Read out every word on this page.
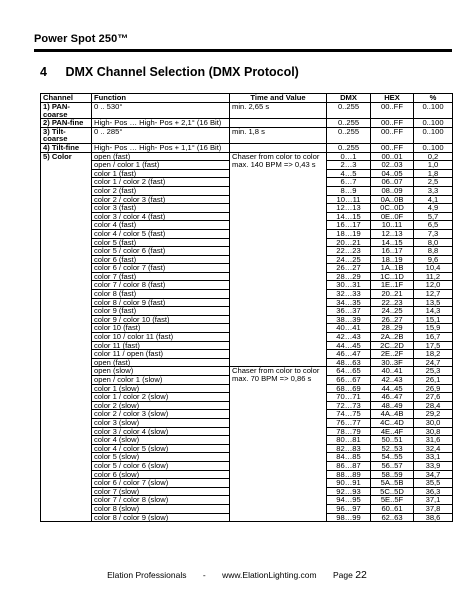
Power Spot 250™
4 DMX Channel Selection (DMX Protocol)
Channel	Function	Time and Value	DMX	HEX	%
1) PAN-coarse	0 .. 530°	min. 2,65 s	0..255	00..FF	0..100
2) PAN-fine	High- Pos … High- Pos + 2,1° (16 Bit)		0..255	00..FF	0..100
3) Tilt-coarse	0 .. 285°	min. 1,8 s	0..255	00..FF	0..100
4) Tilt-fine	High- Pos … High- Pos + 1,1° (16 Bit)		0..255	00..FF	0..100
5) Color	open (fast)	Chaser from color to color max. 140 BPM => 0,43 s	0…1	00..01	0,2
	open / color 1 (fast)		2…3	02..03	1,0
	color 1 (fast)		4…5	04..05	1,8
	color 1 / color 2 (fast)		6…7	06..07	2,5
	color 2 (fast)		8…9	08..09	3,3
	color 2 / color 3 (fast)		10…11	0A..0B	4,1
	color 3 (fast)		12…13	0C..0D	4,9
	color 3 / color 4 (fast)		14…15	0E..0F	5,7
	color 4 (fast)		16…17	10..11	6,5
	color 4 / color 5 (fast)		18…19	12..13	7,3
	color 5 (fast)		20…21	14..15	8,0
	color 5 / color 6 (fast)		22…23	16..17	8,8
	color 6 (fast)		24…25	18..19	9,6
	color 6 / color 7 (fast)		26…27	1A..1B	10,4
	color 7 (fast)		28…29	1C..1D	11,2
	color 7 / color 8 (fast)		30…31	1E..1F	12,0
	color 8 (fast)		32…33	20..21	12,7
	color 8 / color 9 (fast)		34…35	22..23	13,5
	color 9 (fast)		36…37	24..25	14,3
	color 9 / color 10 (fast)		38…39	26..27	15,1
	color 10 (fast)		40…41	28..29	15,9
	color 10 / color 11 (fast)		42…43	2A..2B	16,7
	color 11 (fast)		44…45	2C..2D	17,5
	color 11 / open (fast)		46…47	2E..2F	18,2
	open (fast)		48…63	30..3F	24,7
	open (slow)	Chaser from color to color max. 70 BPM => 0,86 s	64…65	40..41	25,3
	open / color 1 (slow)		66…67	42..43	26,1
	color 1 (slow)		68…69	44..45	26,9
	color 1 / color 2 (slow)		70…71	46..47	27,6
	color 2 (slow)		72…73	48..49	28,4
	color 2 / color 3 (slow)		74…75	4A..4B	29,2
	color 3 (slow)		76…77	4C..4D	30,0
	color 3 / color 4 (slow)		78…79	4E..4F	30,8
	color 4 (slow)		80…81	50..51	31,6
	color 4 / color 5 (slow)		82…83	52..53	32,4
	color 5 (slow)		84…85	54..55	33,1
	color 5 / color 6 (slow)		86…87	56..57	33,9
	color 6 (slow)		88…89	58..59	34,7
	color 6 / color 7 (slow)		90…91	5A..5B	35,5
	color 7 (slow)		92…93	5C..5D	36,3
	color 7 / color 8 (slow)		94…95	5E..5F	37,1
	color 8 (slow)		96…97	60..61	37,8
	color 8 / color 9 (slow)		98…99	62..63	38,6
Elation Professionals - www.ElationLighting.com Page 22
